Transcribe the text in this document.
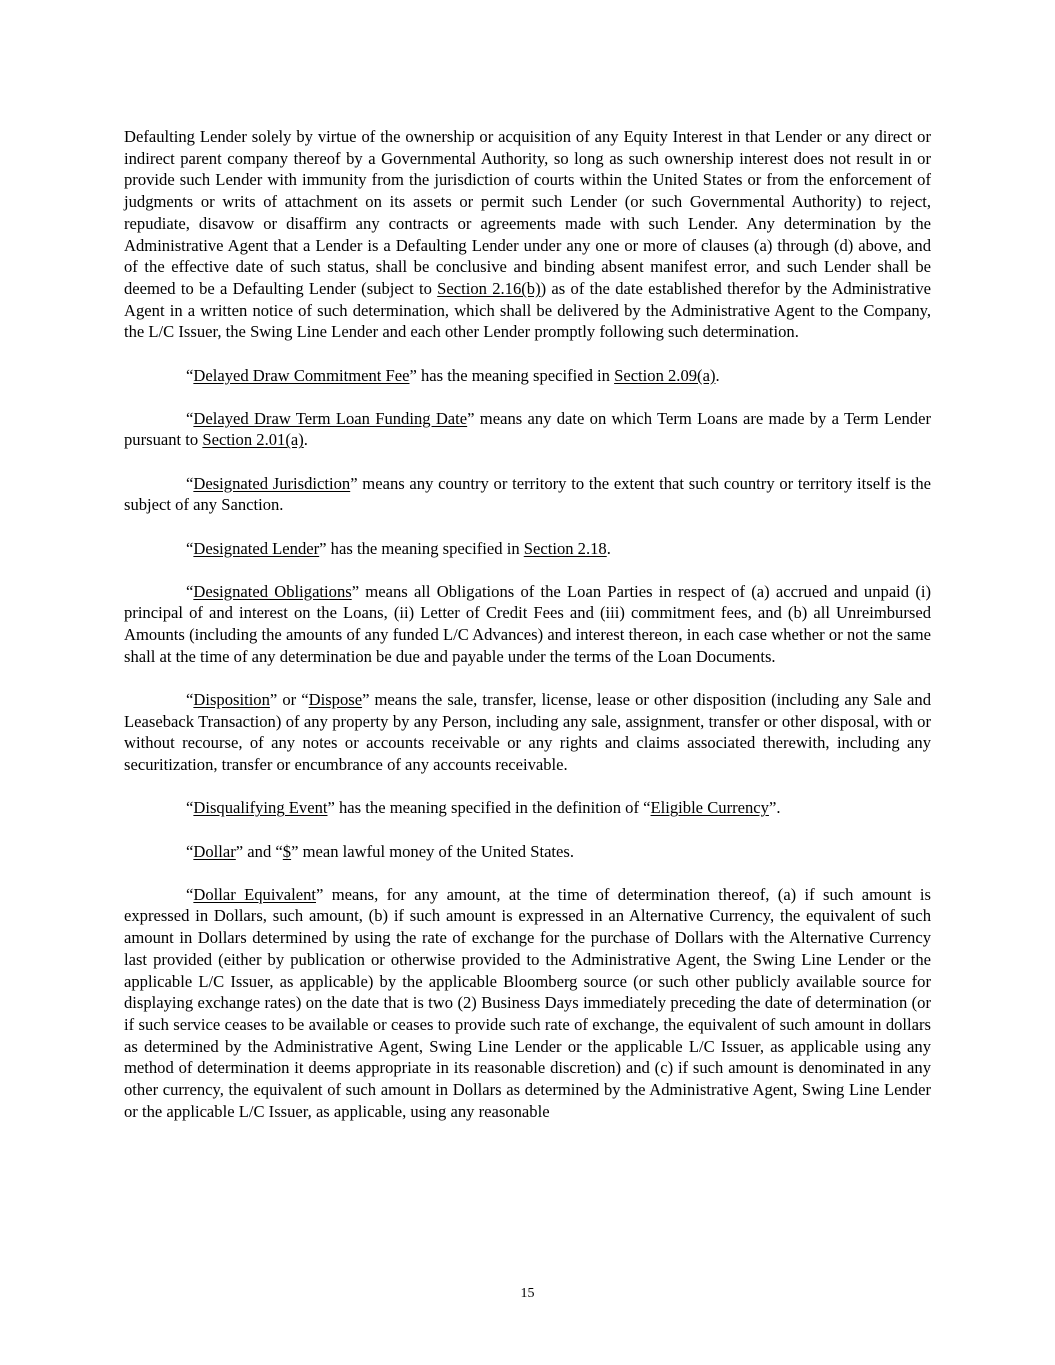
Defaulting Lender solely by virtue of the ownership or acquisition of any Equity Interest in that Lender or any direct or indirect parent company thereof by a Governmental Authority, so long as such ownership interest does not result in or provide such Lender with immunity from the jurisdiction of courts within the United States or from the enforcement of judgments or writs of attachment on its assets or permit such Lender (or such Governmental Authority) to reject, repudiate, disavow or disaffirm any contracts or agreements made with such Lender. Any determination by the Administrative Agent that a Lender is a Defaulting Lender under any one or more of clauses (a) through (d) above, and of the effective date of such status, shall be conclusive and binding absent manifest error, and such Lender shall be deemed to be a Defaulting Lender (subject to Section 2.16(b)) as of the date established therefor by the Administrative Agent in a written notice of such determination, which shall be delivered by the Administrative Agent to the Company, the L/C Issuer, the Swing Line Lender and each other Lender promptly following such determination.

“Delayed Draw Commitment Fee” has the meaning specified in Section 2.09(a).

“Delayed Draw Term Loan Funding Date” means any date on which Term Loans are made by a Term Lender pursuant to Section 2.01(a).

“Designated Jurisdiction” means any country or territory to the extent that such country or territory itself is the subject of any Sanction.

“Designated Lender” has the meaning specified in Section 2.18.

“Designated Obligations” means all Obligations of the Loan Parties in respect of (a) accrued and unpaid (i) principal of and interest on the Loans, (ii) Letter of Credit Fees and (iii) commitment fees, and (b) all Unreimbursed Amounts (including the amounts of any funded L/C Advances) and interest thereon, in each case whether or not the same shall at the time of any determination be due and payable under the terms of the Loan Documents.

“Disposition” or “Dispose” means the sale, transfer, license, lease or other disposition (including any Sale and Leaseback Transaction) of any property by any Person, including any sale, assignment, transfer or other disposal, with or without recourse, of any notes or accounts receivable or any rights and claims associated therewith, including any securitization, transfer or encumbrance of any accounts receivable.

“Disqualifying Event” has the meaning specified in the definition of “Eligible Currency”.

“Dollar” and “$” mean lawful money of the United States.

“Dollar Equivalent” means, for any amount, at the time of determination thereof, (a) if such amount is expressed in Dollars, such amount, (b) if such amount is expressed in an Alternative Currency, the equivalent of such amount in Dollars determined by using the rate of exchange for the purchase of Dollars with the Alternative Currency last provided (either by publication or otherwise provided to the Administrative Agent, the Swing Line Lender or the applicable L/C Issuer, as applicable) by the applicable Bloomberg source (or such other publicly available source for displaying exchange rates) on the date that is two (2) Business Days immediately preceding the date of determination (or if such service ceases to be available or ceases to provide such rate of exchange, the equivalent of such amount in dollars as determined by the Administrative Agent, Swing Line Lender or the applicable L/C Issuer, as applicable using any method of determination it deems appropriate in its reasonable discretion) and (c) if such amount is denominated in any other currency, the equivalent of such amount in Dollars as determined by the Administrative Agent, Swing Line Lender or the applicable L/C Issuer, as applicable, using any reasonable

15
